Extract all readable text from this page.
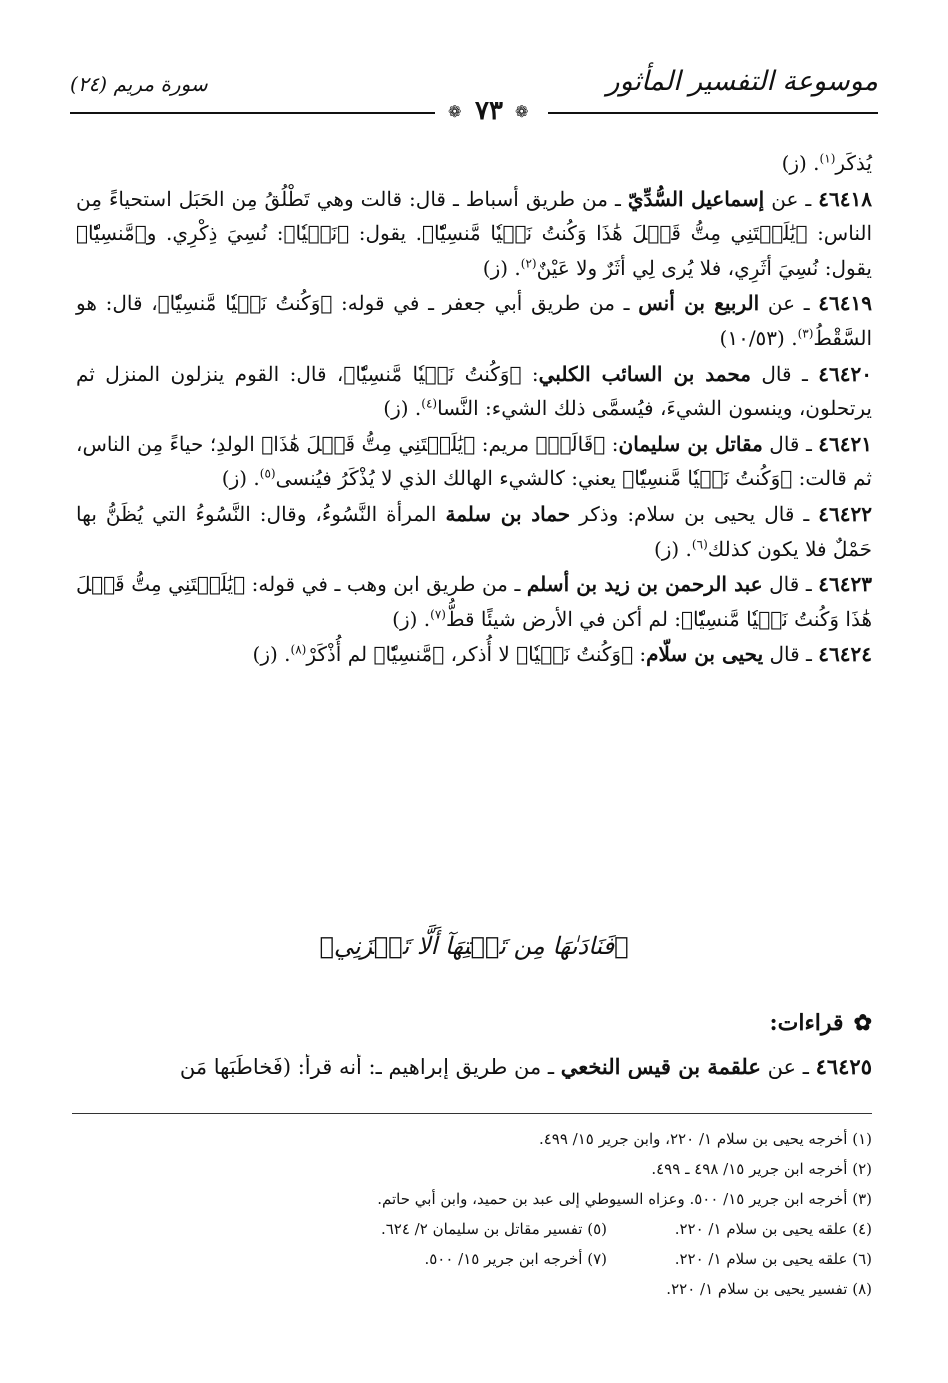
موسوعة التفسير المأثور
سورة مريم (٢٤)
❁
٧٣
❁

يُذكَر$^{(١)}$. (ز)

٤٦٤١٨ ـ عن إسماعيل السُّدِّيّ ـ من طريق أسباط ـ قال: قالت وهي تَطْلُقُ مِن الحَبَل استحياءً مِن الناس: ﴿يَٰلَيۡتَنِي مِتُّ قَبۡلَ هَٰذَا وَكُنتُ نَسۡيٗا مَّنسِيّٗا﴾. يقول: ﴿نَسۡيٗا﴾: نُسِيَ ذِكْرِي. و﴿مَّنسِيّٗا﴾ يقول: نُسِيَ أثَرِي، فلا يُرى لِي أثَرٌ ولا عَيْنٌ$^{(٢)}$. (ز)

٤٦٤١٩ ـ عن الربيع بن أنس ـ من طريق أبي جعفر ـ في قوله: ﴿وَكُنتُ نَسۡيٗا مَّنسِيّٗا﴾، قال: هو السَّقْطُ$^{(٣)}$. (١٠/٥٣)

٤٦٤٢٠ ـ قال محمد بن السائب الكلبي: ﴿وَكُنتُ نَسۡيٗا مَّنسِيّٗا﴾، قال: القوم ينزلون المنزل ثم يرتحلون، وينسون الشيءَ، فيُسمَّى ذلك الشيء: النَّسا$^{(٤)}$. (ز)

٤٦٤٢١ ـ قال مقاتل بن سليمان: ﴿قَالَتۡ﴾ مريم: ﴿يَٰلَيۡتَنِي مِتُّ قَبۡلَ هَٰذَا﴾ الولدِ؛ حياءً مِن الناس، ثم قالت: ﴿وَكُنتُ نَسۡيٗا مَّنسِيّٗا﴾ يعني: كالشيء الهالك الذي لا يُذْكَرُ فيُنسى$^{(٥)}$. (ز)

٤٦٤٢٢ ـ قال يحيى بن سلام: وذكر حماد بن سلمة المرأة النَّسُوءُ، وقال: النَّسُوءُ التي يُظَنُّ بها حَمْلٌ فلا يكون كذلك$^{(٦)}$. (ز)

٤٦٤٢٣ ـ قال عبد الرحمن بن زيد بن أسلم ـ من طريق ابن وهب ـ في قوله: ﴿يَٰلَيۡتَنِي مِتُّ قَبۡلَ هَٰذَا وَكُنتُ نَسۡيٗا مَّنسِيّٗا﴾: لم أكن في الأرض شيئًا قطُّ$^{(٧)}$. (ز)

٤٦٤٢٤ ـ قال يحيى بن سلّام: ﴿وَكُنتُ نَسۡيٗا﴾ لا أُذكر، ﴿مَّنسِيّٗا﴾ لم أُذْكَرْ$^{(٨)}$. (ز)

﴿فَنَادَىٰهَا مِن تَحۡتِهَآ أَلَّا تَحۡزَنِي﴾
✿قراءات:
٤٦٤٢٥ ـ عن علقمة بن قيس النخعي ـ من طريق إبراهيم ـ: أنه قرأ: (فَخاطَبَها مَن
(١) أخرجه يحيى بن سلام ١/ ٢٢٠، وابن جرير ١٥/ ٤٩٩.
(٢) أخرجه ابن جرير ١٥/ ٤٩٨ ـ ٤٩٩.
(٣) أخرجه ابن جرير ١٥/ ٥٠٠. وعزاه السيوطي إلى عبد بن حميد، وابن أبي حاتم.
(٤) علقه يحيى بن سلام ١/ ٢٢٠.
(٥) تفسير مقاتل بن سليمان ٢/ ٦٢٤.
(٦) علقه يحيى بن سلام ١/ ٢٢٠.
(٧) أخرجه ابن جرير ١٥/ ٥٠٠.
(٨) تفسير يحيى بن سلام ١/ ٢٢٠.
